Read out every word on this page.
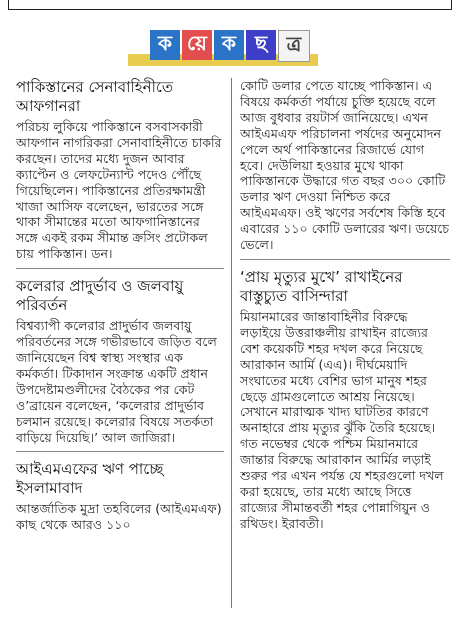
ক য়ে ক ছ ত্র
পাকিস্তানের সেনাবাহিনীতে আফগানরা

পরিচয় লুকিয়ে পাকিস্তানে বসবাসকারী আফগান নাগরিকরা সেনাবাহিনীতে চাকরি করছেন। তাদের মধ্যে দুজন আবার ক্যাপ্টেন ও লেফটেন্যান্ট পদেও পৌঁছে গিয়েছিলেন। পাকিস্তানের প্রতিরক্ষামন্ত্রী খাজা আসিফ বলেছেন, ভারতের সঙ্গে থাকা সীমান্তের মতো আফগানিস্তানের সঙ্গে একই রকম সীমান্ত ক্রসিং প্রটোকল চায় পাকিস্তান। ডন।

কলেরার প্রাদুর্ভাব ও জলবায়ু পরিবর্তন

বিশ্বব্যাপী কলেরার প্রাদুর্ভাব জলবায়ু পরিবর্তনের সঙ্গে গভীরভাবে জড়িত বলে জানিয়েছেন বিশ্ব স্বাস্থ্য সংস্থার এক কর্মকর্তা। টিকাদান সংক্রান্ত একটি প্রধান উপদেষ্টামণ্ডলীদের বৈঠকের পর কেট ও’ব্রায়েন বলেছেন, ‘কলেরার প্রাদুর্ভাব চলমান রয়েছে। কলেরার বিষয়ে সতর্কতা বাড়িয়ে দিয়েছি।’ আল জাজিরা।

আইএমএফের ঋণ পাচ্ছে ইসলামাবাদ

আন্তর্জাতিক মুদ্রা তহবিলের (আইএমএফ) কাছ থেকে আরও ১১০

কোটি ডলার পেতে যাচ্ছে পাকিস্তান। এ বিষয়ে কর্মকর্তা পর্যায়ে চুক্তি হয়েছে বলে আজ বুধবার রয়টার্স জানিয়েছে। এখন আইএমএফ পরিচালনা পর্ষদের অনুমোদন পেলে অর্থ পাকিস্তানের রিজার্ভে যোগ হবে। দেউলিয়া হওয়ার মুখে থাকা পাকিস্তানকে উদ্ধারে গত বছর ৩০০ কোটি ডলার ঋণ দেওয়া নিশ্চিত করে আইএমএফ। ওই ঋণের সর্বশেষ কিস্তি হবে এবারের ১১০ কোটি ডলারের ঋণ। ডয়েচে ভেলে।

‘প্রায় মৃত্যুর মুখে’ রাখাইনের বাস্তুচ্যুত বাসিন্দারা

মিয়ানমারের জান্তাবাহিনীর বিরুদ্ধে লড়াইয়ে উত্তরাঞ্চলীয় রাখাইন রাজ্যের বেশ কয়েকটি শহর দখল করে নিয়েছে আরাকান আর্মি (এএ)। দীর্ঘমেয়াদি সংঘাতের মধ্যে বেশির ভাগ মানুষ শহর ছেড়ে গ্রামগুলোতে আশ্রয় নিয়েছে। সেখানে মারাত্মক খাদ্য ঘাটতির কারণে অনাহারে প্রায় মৃত্যুর ঝুঁকি তৈরি হয়েছে। গত নভেম্বর থেকে পশ্চিম মিয়ানমারে জান্তার বিরুদ্ধে আরাকান আর্মির লড়াই শুরুর পর এখন পর্যন্ত যে শহরগুলো দখল করা হয়েছে, তার মধ্যে আছে সিত্তে রাজ্যের সীমান্তবর্তী শহর পোন্নাগিয়ুন ও রথিডং। ইরাবতী।
